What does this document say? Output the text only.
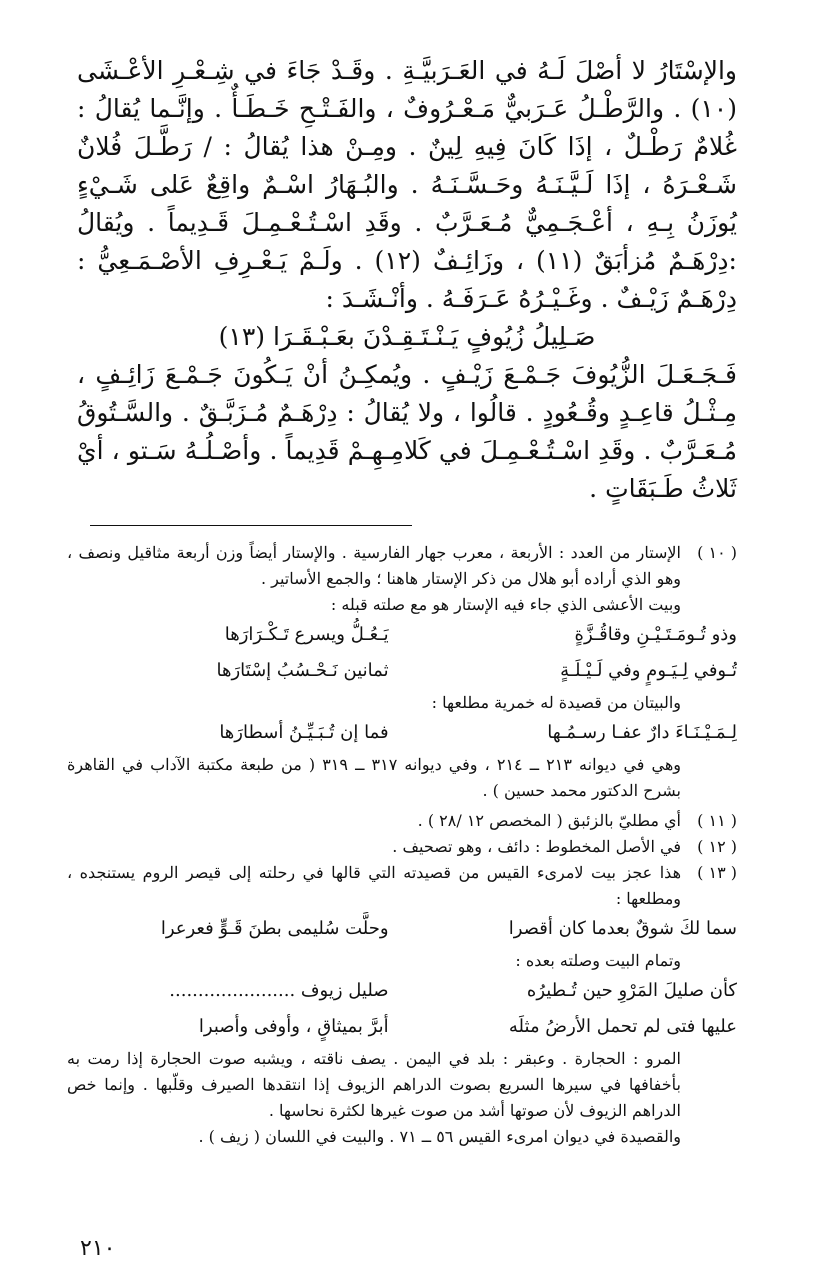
والإسْتَارُ لا أصْلَ لَـهُ في العَـرَبيَّـةِ . وقَـدْ جَاءَ في شِـعْـرِ الأعْـشَى (١٠) . والرَّطْـلُ عَـرَبيٌّ مَـعْـرُوفٌ ، والفَـتْـحِ خَـطَـأٌ . وإنَّـما يُقالُ : غُلامٌ رَطْـلٌ ، إذَا كَانَ فِيهِ لِينٌ . ومِـنْ هذا يُقالُ : / رَطَّـلَ فُلانٌ شَـعْـرَهُ ، إذَا لَـيَّـنَـهُ وحَـسَّـنَـهُ . والبُـهَارُ اسْـمٌ واقِعٌ عَلى شَـيْءٍ يُوزَنُ بِـهِ ، أعْـجَـمِيٌّ مُـعَـرَّبٌ . وقَدِ اسْـتُـعْـمِـلَ قَـدِيماً . ويُقالُ :دِرْهَـمٌ مُزأبَقٌ (١١) ، وزَائِـفٌ (١٢) . ولَـمْ يَـعْـرِفِ الأصْـمَـعِيُّ : دِرْهَـمٌ زَيْـفٌ . وغَـيْـرُهُ عَـرَفَـهُ . وأنْـشَـدَ :

صَـلِيلُ زُيُوفٍ يَـنْـتَـقِـدْنَ بعَـبْـقَـرَا (١٣)

فَـجَـعَـلَ الزُّيُوفَ جَـمْـعَ زَيْـفٍ . ويُمكِـنُ أنْ يَـكُونَ جَـمْـعَ زَائِـفٍ ، مِـثْـلُ قاعِـدٍ وقُـعُودٍ . قالُوا ، ولا يُقالُ : دِرْهَـمٌ مُـزَبَّـقٌ . والسَّـتُوقُ مُـعَـرَّبٌ . وقَدِ اسْـتُـعْـمِـلَ في كَلامِـهِـمْ قَدِيماً . وأصْـلُـهُ سَـتو ، أيْ ثَلاثُ طَـبَقَاتٍ .

( ١٠ )
الإستار من العدد : الأربعة ، معرب جهار الفارسية . والإستار أيضاً وزن أربعة مثاقيل ونصف ، وهو الذي أراده أبو هلال من ذكر الإستار هاهنا ؛ والجمع الأساتير .
وبيت الأعشى الذي جاء فيه الإستار هو مع صلته قبله :
وذو تُـومَـتَـيْـنِ وقاقُـزَّةٍ
يَـعُـلُّ ويسرع تَـكْـرَارَها
تُـوفي لِـيَـومٍ وفي لَـيْـلَـةٍ
ثمانين نَـحْـسُبُ إسْتَارَها
والبيتان من قصيدة له خمرية مطلعها :
لِـمَـيْـنَـاءَ دارٌ عفـا رسـمُـها
فما إن تُـبَـيِّـنُ أسطارَها
وهي في ديوانه ٢١٣ ــ ٢١٤ ، وفي ديوانه ٣١٧ ــ ٣١٩ ( من طبعة مكتبة الآداب في القاهرة بشرح الدكتور محمد حسين ) .
( ١١ )
أي مطليّ بالزئبق ( المخصص ١٢ /٢٨ ) .
( ١٢ )
في الأصل المخطوط : دائف ، وهو تصحيف .
( ١٣ )
هذا عجز بيت لامرىء القيس من قصيدته التي قالها في رحلته إلى قيصر الروم يستنجده ، ومطلعها :
سما لكَ شوقٌ بعدما كان أقصرا
وحلَّت سُليمى بطنَ قَـوٍّ فعرعرا
وتمام البيت وصلته بعده :
كأن صليلَ المَرْوِ حين تُـطيرُه
صليل زيوف ......................
عليها فتى لم تحمل الأرضُ مثلَه
أبرَّ بميثاقٍ ، وأوفى وأصبرا
المرو : الحجارة . وعبقر : بلد في اليمن . يصف ناقته ، ويشبه صوت الحجارة إذا رمت به بأخفافها في سيرها السريع بصوت الدراهم الزيوف إذا انتقدها الصيرف وقلّبها . وإنما خص الدراهم الزيوف لأن صوتها أشد من صوت غيرها لكثرة نحاسها .
والقصيدة في ديوان امرىء القيس ٥٦ ــ ٧١ . والبيت في اللسان ( زيف ) .
٢١٠
